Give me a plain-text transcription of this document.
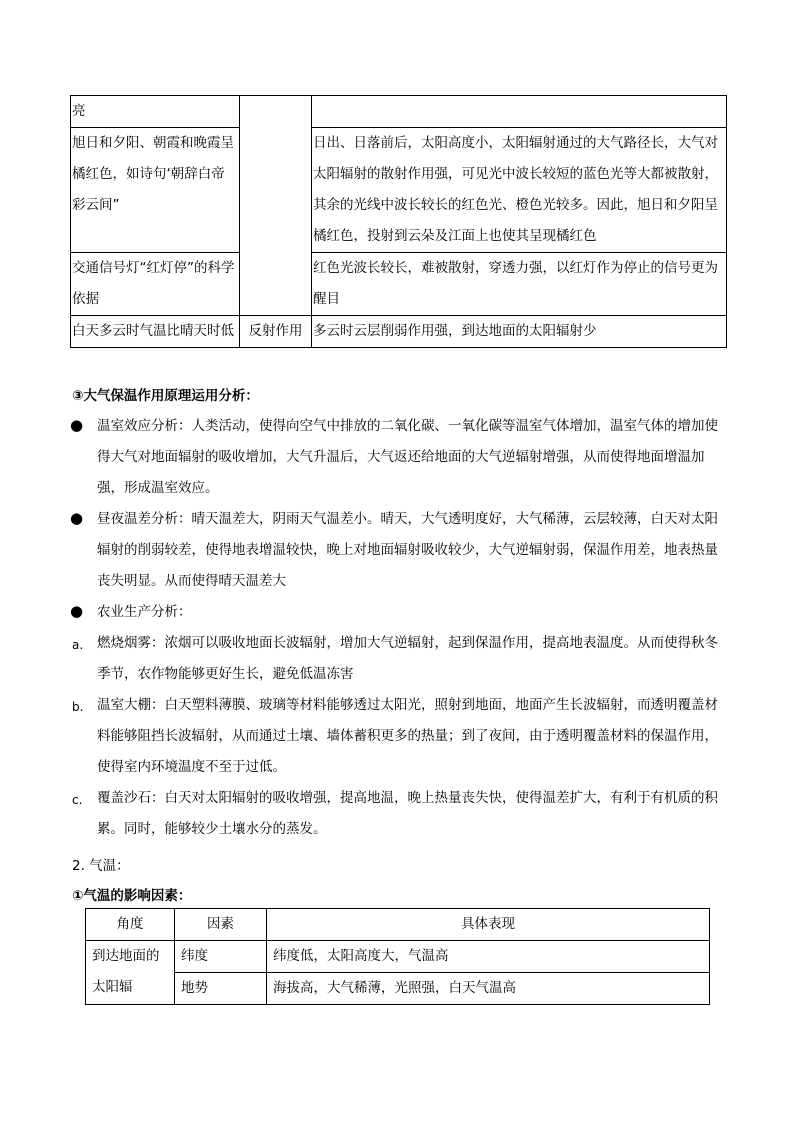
亮		
旭日和夕阳、朝霞和晚霞呈橘红色，如诗句‘朝辞白帝彩云间”		日出、日落前后，太阳高度小，太阳辐射通过的大气路径长，大气对太阳辐射的散射作用强，可见光中波长较短的蓝色光等大都被散射，其余的光线中波长较长的红色光、橙色光较多。因此，旭日和夕阳呈橘红色，投射到云朵及江面上也使其呈现橘红色
交通信号灯“红灯停”的科学依据		红色光波长较长，难被散射，穿透力强，以红灯作为停止的信号更为醒目
白天多云时气温比晴天时低	反射作用	多云时云层削弱作用强，到达地面的太阳辐射少
③大气保温作用原理运用分析：
● 温室效应分析：人类活动，使得向空气中排放的二氧化碳、一氧化碳等温室气体增加，温室气体的增加使得大气对地面辐射的吸收增加，大气升温后，大气返还给地面的大气逆辐射增强，从而使得地面增温加强，形成温室效应。
● 昼夜温差分析：晴天温差大，阴雨天气温差小。晴天，大气透明度好，大气稀薄，云层较薄，白天对太阳辐射的削弱较差，使得地表增温较快，晚上对地面辐射吸收较少，大气逆辐射弱，保温作用差，地表热量丧失明显。从而使得晴天温差大
● 农业生产分析：
a. 燃烧烟雾：浓烟可以吸收地面长波辐射，增加大气逆辐射，起到保温作用，提高地表温度。从而使得秋冬季节，农作物能够更好生长，避免低温冻害
b. 温室大棚：白天塑料薄膜、玻璃等材料能够透过太阳光，照射到地面，地面产生长波辐射，而透明覆盖材料能够阻挡长波辐射，从而通过土壤、墙体蓄积更多的热量；到了夜间，由于透明覆盖材料的保温作用，使得室内环境温度不至于过低。
c. 覆盖沙石：白天对太阳辐射的吸收增强，提高地温，晚上热量丧失快，使得温差扩大，有利于有机质的积累。同时，能够较少土壤水分的蒸发。
2. 气温：
①气温的影响因素：
角度	因素	具体表现
到达地面的太阳辐	纬度	纬度低，太阳高度大，气温高
	地势	海拔高，大气稀薄，光照强，白天气温高
